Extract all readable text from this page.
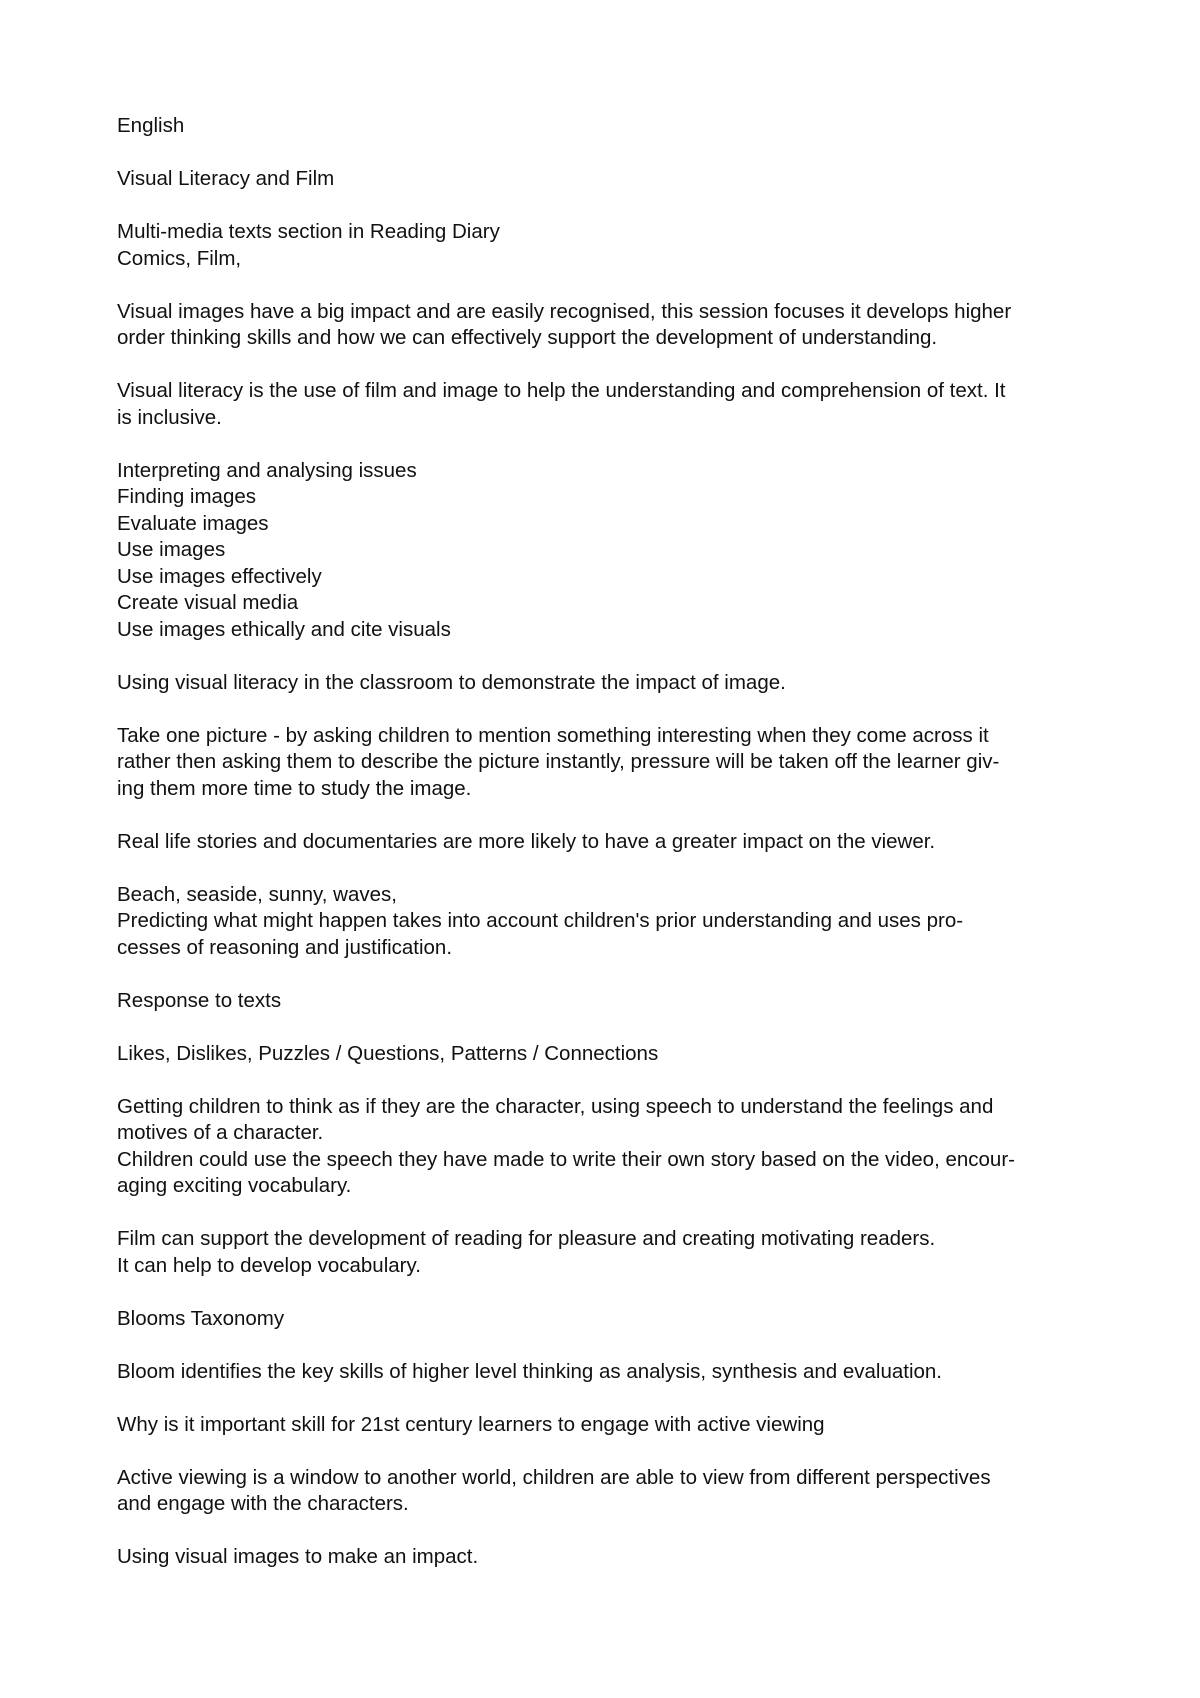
English

Visual Literacy and Film

Multi-media texts section in Reading Diary
Comics, Film,

Visual images have a big impact and are easily recognised, this session focuses it develops higher
order thinking skills and how we can effectively support the development of understanding.

Visual literacy is the use of film and image to help the understanding and comprehension of text. It
is inclusive.

Interpreting and analysing issues
Finding images
Evaluate images
Use images
Use images effectively
Create visual media
Use images ethically and cite visuals

Using visual literacy in the classroom to demonstrate the impact of image.

Take one picture - by asking children to mention something interesting when they come across it
rather then asking them to describe the picture instantly, pressure will be taken off the learner giv-
ing them more time to study the image.

Real life stories and documentaries are more likely to have a greater impact on the viewer.

Beach, seaside, sunny, waves,
Predicting what might happen takes into account children's prior understanding and uses pro-
cesses of reasoning and justification.

Response to texts

Likes, Dislikes, Puzzles / Questions, Patterns / Connections

Getting children to think as if they are the character, using speech to understand the feelings and
motives of a character.
Children could use the speech they have made to write their own story based on the video, encour-
aging exciting vocabulary.

Film can support the development of reading for pleasure and creating motivating readers.
It can help to develop vocabulary.

Blooms Taxonomy

Bloom identifies the key skills of higher level thinking as analysis, synthesis and evaluation.

Why is it important skill for 21st century learners to engage with active viewing

Active viewing is a window to another world, children are able to view from different perspectives
and engage with the characters.

Using visual images to make an impact.
